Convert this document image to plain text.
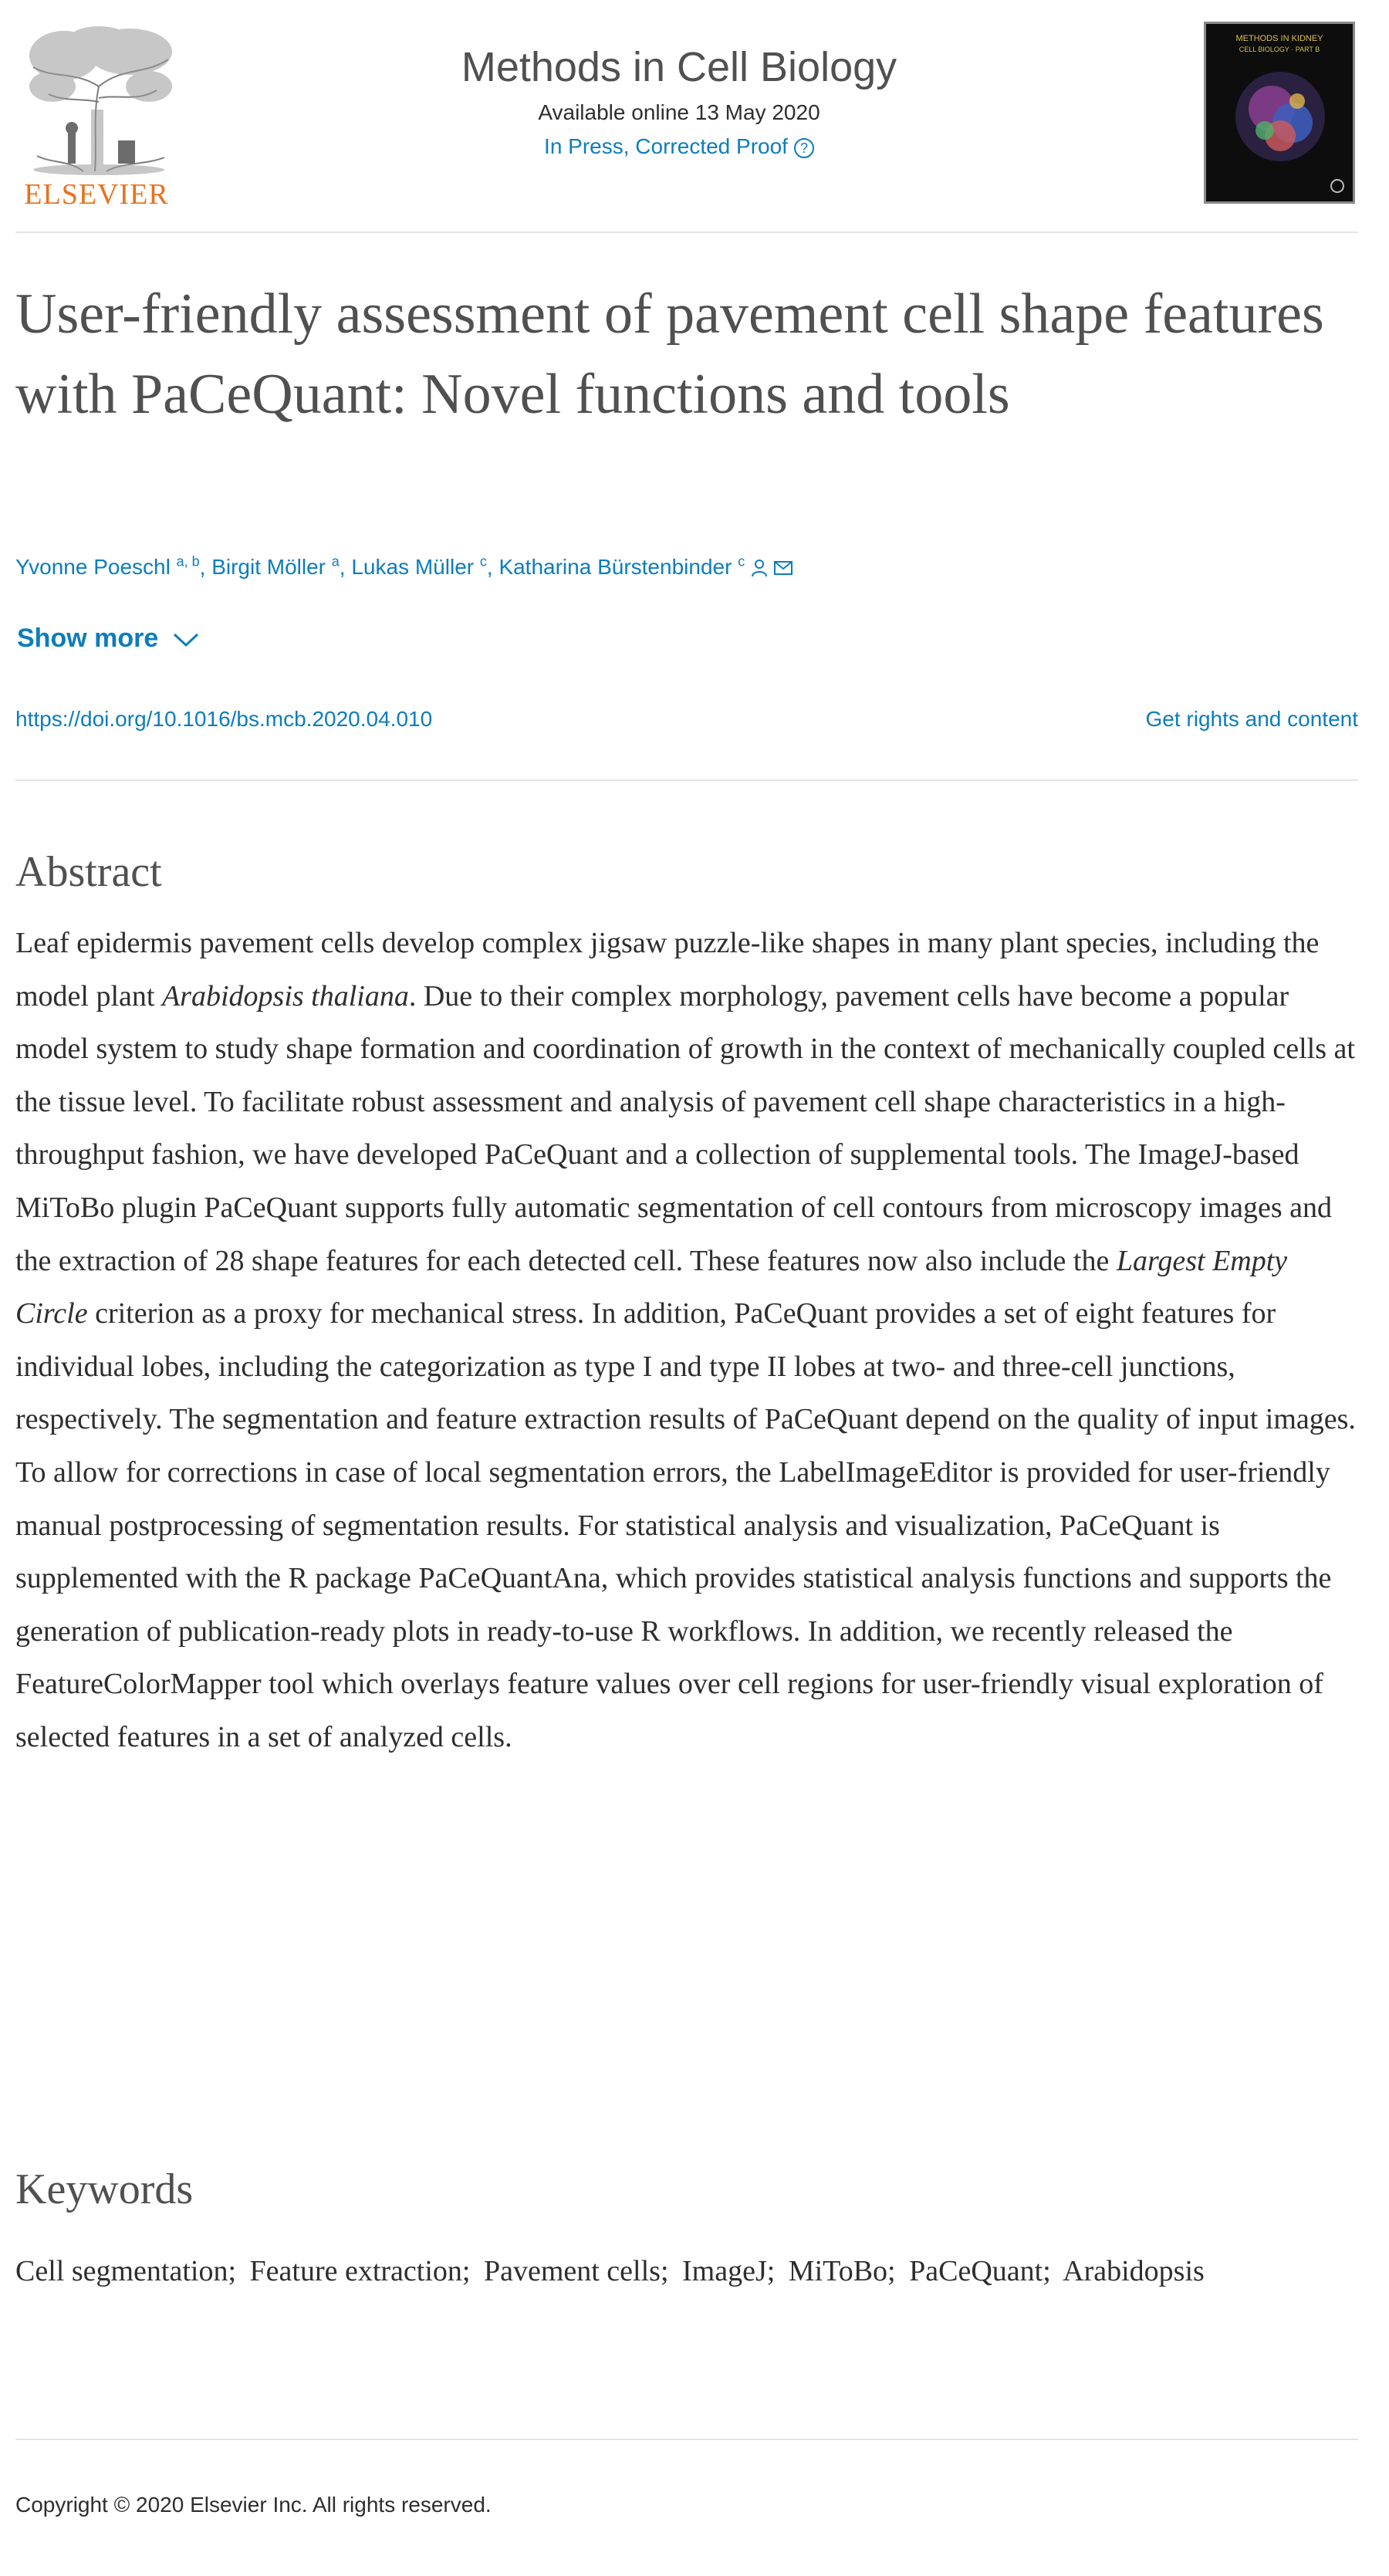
ELSEVIER
Methods in Cell Biology
Available online 13 May 2020
In Press, Corrected Proof ?
METHODS IN KIDNEY
CELL BIOLOGY · PART B
User-friendly assessment of pavement cell shape features with PaCeQuant: Novel functions and tools
Yvonne Poeschl $^{a, b}$, Birgit Möller $^a$, Lukas Müller $^c$, Katharina Bürstenbinder $^c$
Show more
https://doi.org/10.1016/bs.mcb.2020.04.010	Get rights and content
Abstract

Leaf epidermis pavement cells develop complex jigsaw puzzle-like shapes in many plant species, including the model plant Arabidopsis thaliana. Due to their complex morphology, pavement cells have become a popular model system to study shape formation and coordination of growth in the context of mechanically coupled cells at the tissue level. To facilitate robust assessment and analysis of pavement cell shape characteristics in a high-throughput fashion, we have developed PaCeQuant and a collection of supplemental tools. The ImageJ-based MiToBo plugin PaCeQuant supports fully automatic segmentation of cell contours from microscopy images and the extraction of 28 shape features for each detected cell. These features now also include the Largest Empty Circle criterion as a proxy for mechanical stress. In addition, PaCeQuant provides a set of eight features for individual lobes, including the categorization as type I and type II lobes at two- and three-cell junctions, respectively. The segmentation and feature extraction results of PaCeQuant depend on the quality of input images. To allow for corrections in case of local segmentation errors, the LabelImageEditor is provided for user-friendly manual postprocessing of segmentation results. For statistical analysis and visualization, PaCeQuant is supplemented with the R package PaCeQuantAna, which provides statistical analysis functions and supports the generation of publication-ready plots in ready-to-use R workflows. In addition, we recently released the FeatureColorMapper tool which overlays feature values over cell regions for user-friendly visual exploration of selected features in a set of analyzed cells.

Keywords
Cell segmentation; Feature extraction; Pavement cells; ImageJ; MiToBo; PaCeQuant; Arabidopsis
Copyright © 2020 Elsevier Inc. All rights reserved.
